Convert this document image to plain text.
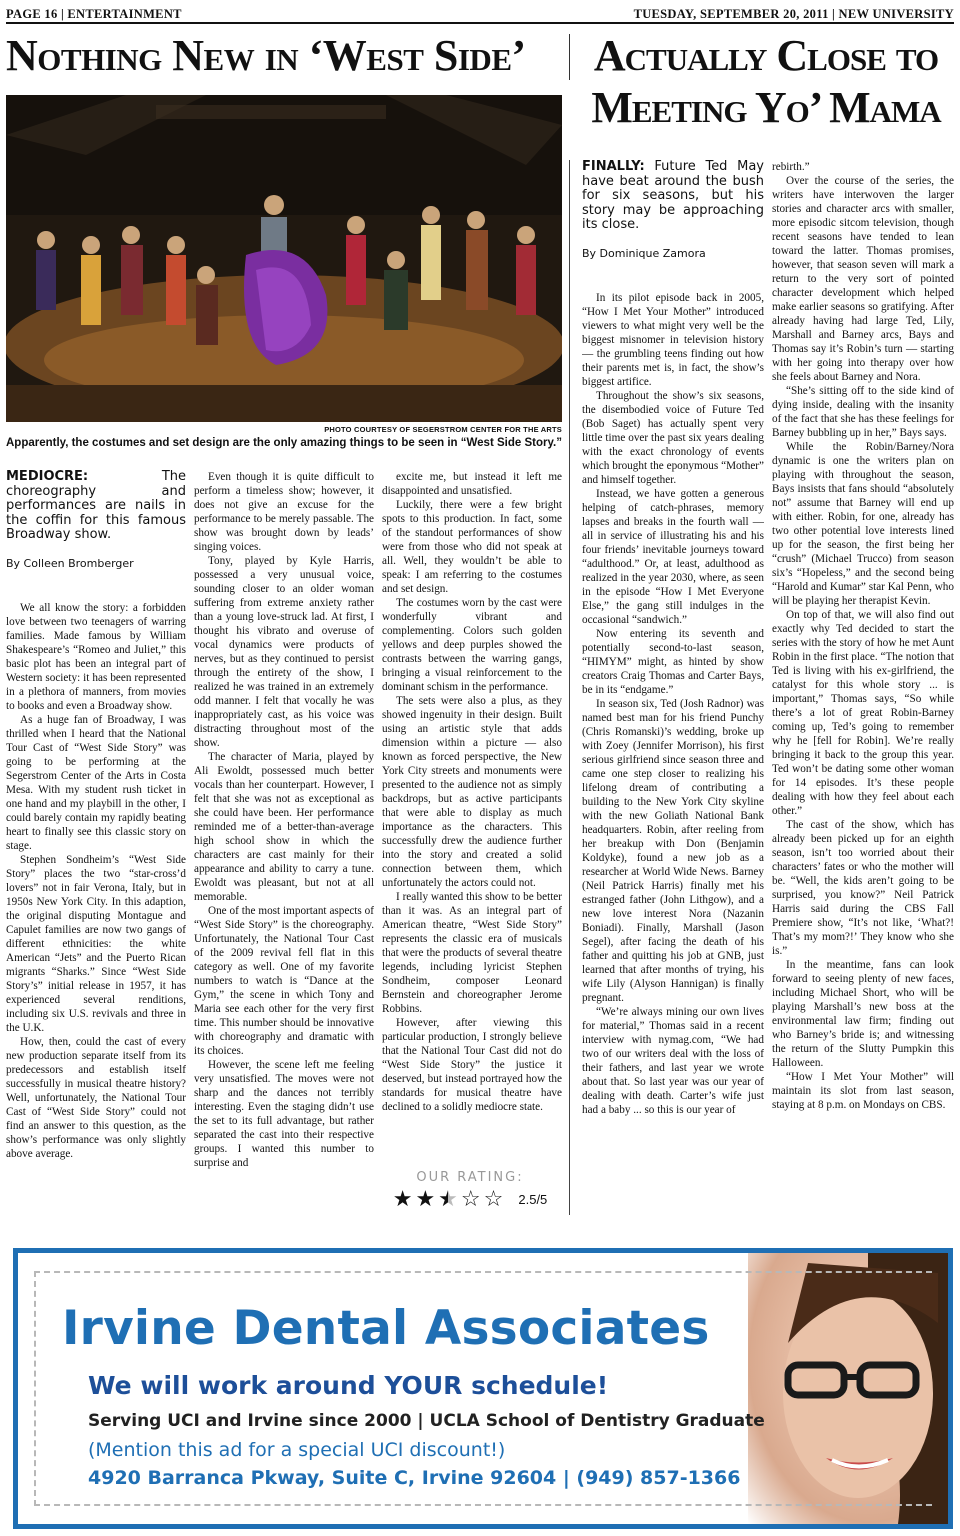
PAGE 16 | ENTERTAINMENT	TUESDAY, SEPTEMBER 20, 2011 | NEW UNIVERSITY
Nothing New in ‘West Side’	Actually Close to Meeting Yo’ Mama
PHOTO COURTESY OF SEGERSTROM CENTER FOR THE ARTS
Apparently, the costumes and set design are the only amazing things to be seen in “West Side Story.”
MEDIOCRE: The choreography and performances are nails in the coffin for this famous Broadway show.
By Colleen Bromberger

We all know the story: a forbidden love between two teenagers of warring families. Made famous by William Shakespeare’s “Romeo and Juliet,” this basic plot has been an integral part of Western society: it has been represented in a plethora of manners, from movies to books and even a Broadway show.

As a huge fan of Broadway, I was thrilled when I heard that the National Tour Cast of “West Side Story” was going to be performing at the Segerstrom Center of the Arts in Costa Mesa. With my student rush ticket in one hand and my playbill in the other, I could barely contain my rapidly beating heart to finally see this classic story on stage.

Stephen Sondheim’s “West Side Story” places the two “star-cross’d lovers” not in fair Verona, Italy, but in 1950s New York City. In this adaption, the original disputing Montague and Capulet families are now two gangs of different ethnicities: the white American “Jets” and the Puerto Rican migrants “Sharks.” Since “West Side Story’s” initial release in 1957, it has experienced several renditions, including six U.S. revivals and three in the U.K.

How, then, could the cast of every new production separate itself from its predecessors and establish itself successfully in musical theatre history? Well, unfortunately, the National Tour Cast of “West Side Story” could not find an answer to this question, as the show’s performance was only slightly above average.

Even though it is quite difficult to perform a timeless show; however, it does not give an excuse for the performance to be merely passable. The show was brought down by leads’ singing voices.

Tony, played by Kyle Harris, possessed a very unusual voice, sounding closer to an older woman suffering from extreme anxiety rather than a young love-struck lad. At first, I thought his vibrato and overuse of vocal dynamics were products of nerves, but as they continued to persist through the entirety of the show, I realized he was trained in an extremely odd manner. I felt that vocally he was inappropriately cast, as his voice was distracting throughout most of the show.

The character of Maria, played by Ali Ewoldt, possessed much better vocals than her counterpart. However, I felt that she was not as exceptional as she could have been. Her performance reminded me of a better-than-average high school show in which the characters are cast mainly for their appearance and ability to carry a tune. Ewoldt was pleasant, but not at all memorable.

One of the most important aspects of “West Side Story” is the choreography. Unfortunately, the National Tour Cast of the 2009 revival fell flat in this category as well. One of my favorite numbers to watch is “Dance at the Gym,” the scene in which Tony and Maria see each other for the very first time. This number should be innovative with choreography and dramatic with its choices.

However, the scene left me feeling very unsatisfied. The moves were not sharp and the dances not terribly interesting. Even the staging didn’t use the set to its full advantage, but rather separated the cast into their respective groups. I wanted this number to surprise and

excite me, but instead it left me disappointed and unsatisfied.

Luckily, there were a few bright spots to this production. In fact, some of the standout performances of show were from those who did not speak at all. Well, they wouldn’t be able to speak: I am referring to the costumes and set design.

The costumes worn by the cast were wonderfully vibrant and complementing. Colors such golden yellows and deep purples showed the contrasts between the warring gangs, bringing a visual reinforcement to the dominant schism in the performance.

The sets were also a plus, as they showed ingenuity in their design. Built using an artistic style that adds dimension within a picture — also known as forced perspective, the New York City streets and monuments were presented to the audience not as simply backdrops, but as active participants that were able to display as much importance as the characters. This successfully drew the audience further into the story and created a solid connection between them, which unfortunately the actors could not.

I really wanted this show to be better than it was. As an integral part of American theatre, “West Side Story” represents the classic era of musicals that were the products of several theatre legends, including lyricist Stephen Sondheim, composer Leonard Bernstein and choreographer Jerome Robbins.

However, after viewing this particular production, I strongly believe that the National Tour Cast did not do “West Side Story” the justice it deserved, but instead portrayed how the standards for musical theatre have declined to a solidly mediocre state.

OUR RATING:
★ ★ ★ ☆ ☆ 2.5/5
FINALLY: Future Ted May have beat around the bush for six seasons, but his story may be approaching its close.
By Dominique Zamora

In its pilot episode back in 2005, “How I Met Your Mother” introduced viewers to what might very well be the biggest misnomer in television history — the grumbling teens finding out how their parents met is, in fact, the show’s biggest artifice.

Throughout the show’s six seasons, the disembodied voice of Future Ted (Bob Saget) has actually spent very little time over the past six years dealing with the exact chronology of events which brought the eponymous “Mother” and himself together.

Instead, we have gotten a generous helping of catch-phrases, memory lapses and breaks in the fourth wall — all in service of illustrating his and his four friends’ inevitable journeys toward “adulthood.” Or, at least, adulthood as realized in the year 2030, where, as seen in the episode “How I Met Everyone Else,” the gang still indulges in the occasional “sandwich.”

Now entering its seventh and potentially second-to-last season, “HIMYM” might, as hinted by show creators Craig Thomas and Carter Bays, be in its “endgame.”

In season six, Ted (Josh Radnor) was named best man for his friend Punchy (Chris Romanski)’s wedding, broke up with Zoey (Jennifer Morrison), his first serious girlfriend since season three and came one step closer to realizing his lifelong dream of contributing a building to the New York City skyline with the new Goliath National Bank headquarters. Robin, after reeling from her breakup with Don (Benjamin Koldyke), found a new job as a researcher at World Wide News. Barney (Neil Patrick Harris) finally met his estranged father (John Lithgow), and a new love interest Nora (Nazanin Boniadi). Finally, Marshall (Jason Segel), after facing the death of his father and quitting his job at GNB, just learned that after months of trying, his wife Lily (Alyson Hannigan) is finally pregnant.

“We’re always mining our own lives for material,” Thomas said in a recent interview with nymag.com, “We had two of our writers deal with the loss of their fathers, and last year we wrote about that. So last year was our year of dealing with death. Carter’s wife just had a baby ... so this is our year of

rebirth.”

Over the course of the series, the writers have interwoven the larger stories and character arcs with smaller, more episodic sitcom television, though recent seasons have tended to lean toward the latter. Thomas promises, however, that season seven will mark a return to the very sort of pointed character development which helped make earlier seasons so gratifying. After already having had large Ted, Lily, Marshall and Barney arcs, Bays and Thomas say it’s Robin’s turn — starting with her going into therapy over how she feels about Barney and Nora.

“She’s sitting off to the side kind of dying inside, dealing with the insanity of the fact that she has these feelings for Barney bubbling up in her,” Bays says.

While the Robin/Barney/Nora dynamic is one the writers plan on playing with throughout the season, Bays insists that fans should “absolutely not” assume that Barney will end up with either. Robin, for one, already has two other potential love interests lined up for the season, the first being her “crush” (Michael Trucco) from season six’s “Hopeless,” and the second being “Harold and Kumar” star Kal Penn, who will be playing her therapist Kevin.

On top of that, we will also find out exactly why Ted decided to start the series with the story of how he met Aunt Robin in the first place. “The notion that Ted is living with his ex-girlfriend, the catalyst for this whole story ... is important,” Thomas says, “So while there’s a lot of great Robin-Barney coming up, Ted’s going to remember why he [fell for Robin]. We’re really bringing it back to the group this year. Ted won’t be dating some other woman for 14 episodes. It’s these people dealing with how they feel about each other.”

The cast of the show, which has already been picked up for an eighth season, isn’t too worried about their characters’ fates or who the mother will be. “Well, the kids aren’t going to be surprised, you know?” Neil Patrick Harris said during the CBS Fall Premiere show, “It’s not like, ‘What?! That’s my mom?!’ They know who she is.”

In the meantime, fans can look forward to seeing plenty of new faces, including Michael Short, who will be playing Marshall’s new boss at the environmental law firm; finding out who Barney’s bride is; and witnessing the return of the Slutty Pumpkin this Halloween.

“How I Met Your Mother” will maintain its slot from last season, staying at 8 p.m. on Mondays on CBS.

Irvine Dental Associates
We will work around YOUR schedule!
Serving UCI and Irvine since 2000 | UCLA School of Dentistry Graduate
(Mention this ad for a special UCI discount!)
4920 Barranca Pkway, Suite C, Irvine 92604 | (949) 857-1366
